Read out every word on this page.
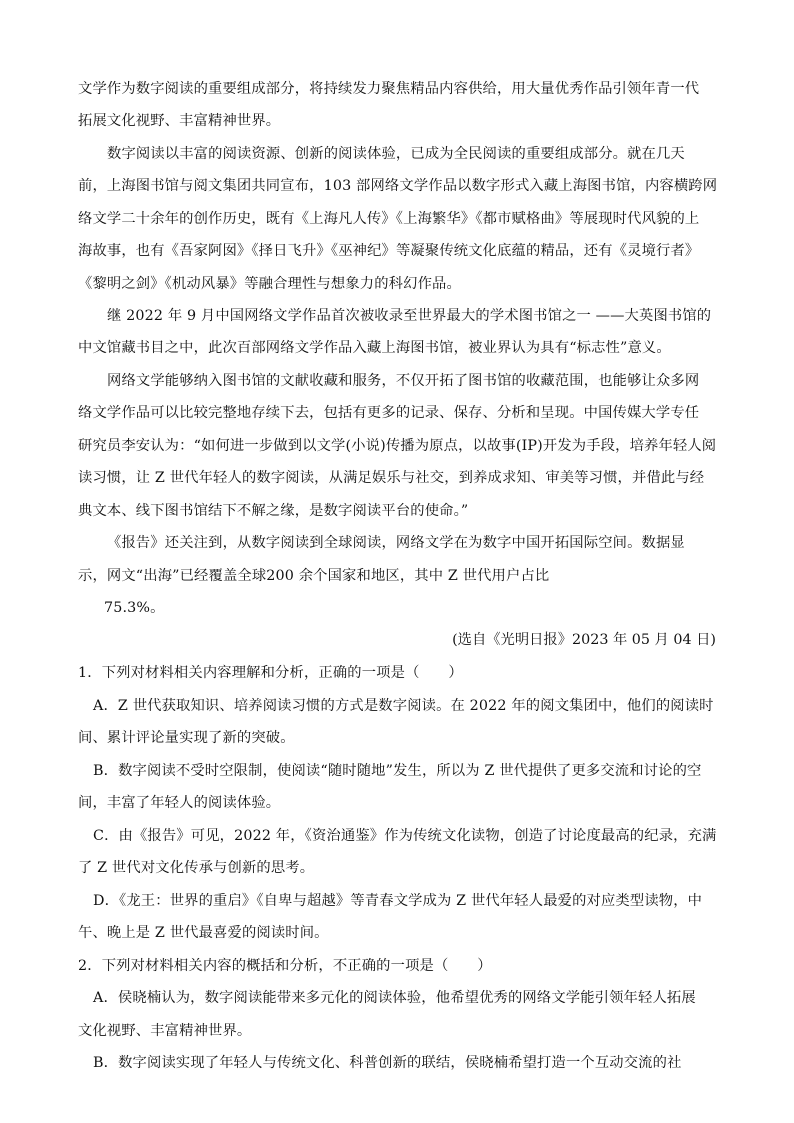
文学作为数字阅读的重要组成部分，将持续发力聚焦精品内容供给，用大量优秀作品引领年青一代
拓展文化视野、丰富精神世界。
数字阅读以丰富的阅读资源、创新的阅读体验，已成为全民阅读的重要组成部分。就在几天
前，上海图书馆与阅文集团共同宣布，103 部网络文学作品以数字形式入藏上海图书馆，内容横跨网
络文学二十余年的创作历史，既有《上海凡人传》《上海繁华》《都市赋格曲》等展现时代风貌的上
海故事，也有《吾家阿囡》《择日飞升》《巫神纪》等凝聚传统文化底蕴的精品，还有《灵境行者》
《黎明之剑》《机动风暴》等融合理性与想象力的科幻作品。
继 2022 年 9 月中国网络文学作品首次被收录至世界最大的学术图书馆之一 ——大英图书馆的
中文馆藏书目之中，此次百部网络文学作品入藏上海图书馆，被业界认为具有“标志性”意义。
网络文学能够纳入图书馆的文献收藏和服务，不仅开拓了图书馆的收藏范围，也能够让众多网
络文学作品可以比较完整地存续下去，包括有更多的记录、保存、分析和呈现。中国传媒大学专任
研究员李安认为：“如何进一步做到以文学(小说)传播为原点，以故事(IP)开发为手段，培养年轻人阅
读习惯，让 Z 世代年轻人的数字阅读，从满足娱乐与社交，到养成求知、审美等习惯，并借此与经
典文本、线下图书馆结下不解之缘，是数字阅读平台的使命。”
《报告》还关注到，从数字阅读到全球阅读，网络文学在为数字中国开拓国际空间。数据显
示，网文“出海”已经覆盖全球200 余个国家和地区，其中 Z 世代用户占比
75.3%。
(选自《光明日报》2023 年 05 月 04 日)
1．下列对材料相关内容理解和分析，正确的一项是（　　）
A．Z 世代获取知识、培养阅读习惯的方式是数字阅读。在 2022 年的阅文集团中，他们的阅读时
间、累计评论量实现了新的突破。
B．数字阅读不受时空限制，使阅读“随时随地”发生，所以为 Z 世代提供了更多交流和讨论的空
间，丰富了年轻人的阅读体验。
C．由《报告》可见，2022 年，《资治通鉴》作为传统文化读物，创造了讨论度最高的纪录，充满
了 Z 世代对文化传承与创新的思考。
D．《龙王：世界的重启》《自卑与超越》等青春文学成为 Z 世代年轻人最爱的对应类型读物，中
午、晚上是 Z 世代最喜爱的阅读时间。
2．下列对材料相关内容的概括和分析，不正确的一项是（　　）
A．侯晓楠认为，数字阅读能带来多元化的阅读体验，他希望优秀的网络文学能引领年轻人拓展
文化视野、丰富精神世界。
B．数字阅读实现了年轻人与传统文化、科普创新的联结，侯晓楠希望打造一个互动交流的社
